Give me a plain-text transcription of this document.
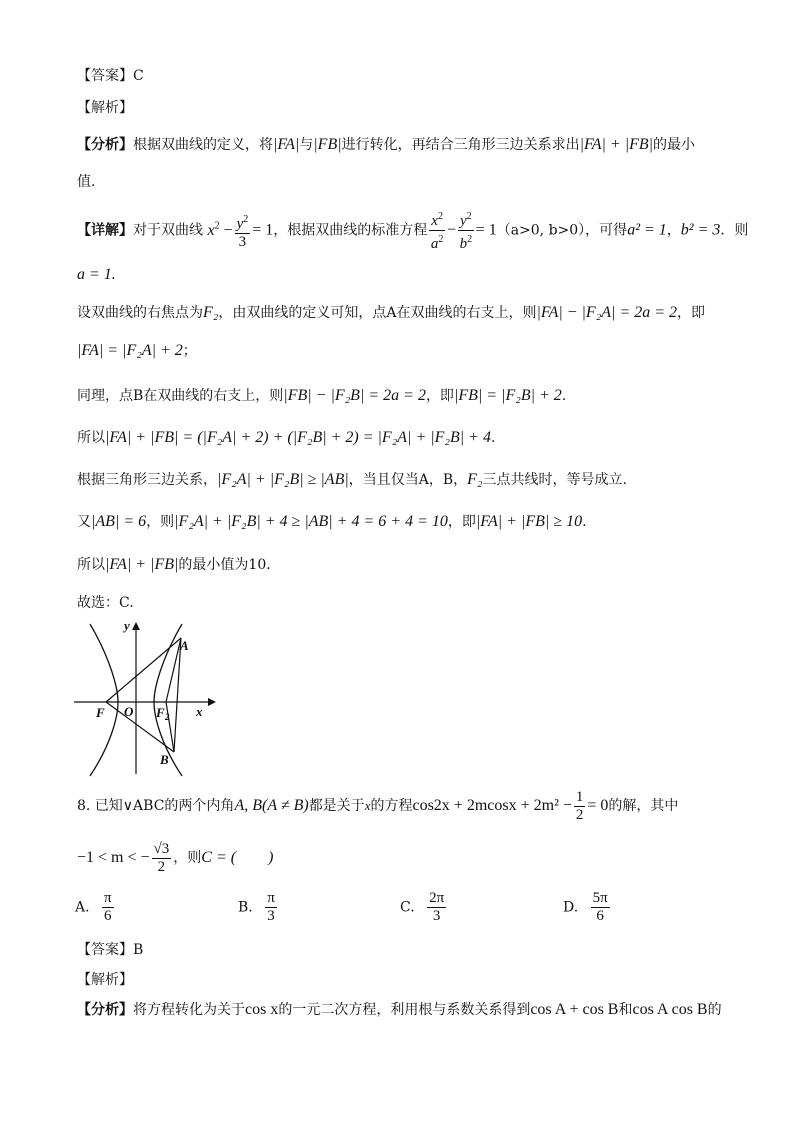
【答案】C
【解析】
【分析】根据双曲线的定义，将|FA|与|FB|进行转化，再结合三角形三边关系求出|FA| + |FB|的最小
值.
【详解】对于双曲线 $x^2 - \frac{y^2}{3} = 1$，根据双曲线的标准方程 $\frac{x^2}{a^2} - \frac{y^2}{b^2} = 1(a>0$, b>0），可得a² = 1，b² = 3．则
a = 1.
设双曲线的右焦点为F₂，由双曲线的定义可知，点A在双曲线的右支上，则|FA| − |F₂A| = 2a = 2，即
|FA| = |F₂A| + 2；
同理，点B在双曲线的右支上，则|FB| − |F₂B| = 2a = 2，即|FB| = |F₂B| + 2.
所以|FA| + |FB| = (|F₂A| + 2) + (|F₂B| + 2) = |F₂A| + |F₂B| + 4.
根据三角形三边关系，|F₂A| + |F₂B| ≥ |AB|，当且仅当A，B，F₂三点共线时，等号成立.
又|AB| = 6，则|F₂A| + |F₂B| + 4 ≥ |AB| + 4 = 6 + 4 = 10，即|FA| + |FB| ≥ 10.
所以|FA| + |FB|的最小值为10.
故选：C.
y
x
O
F	F 2
A
B
8. 已知∨ABC的两个内角A, B(A ≠ B)都是关于x的方程$\cos 2x + 2mcosx + 2m^2 - \frac{1}{2} = 0$的解，其中
−1 < m < − $\frac{√3}{2}$ ，则C = (　　)
A. $\frac{\pi}{6}$	B. $\frac{\pi}{3}$	C. $\frac{2\pi}{3}$	D. $\frac{5\pi}{6}$
【答案】B
【解析】
【分析】将方程转化为关于cos x的一元二次方程，利用根与系数关系得到cos A + cos B和cos A cos B的
